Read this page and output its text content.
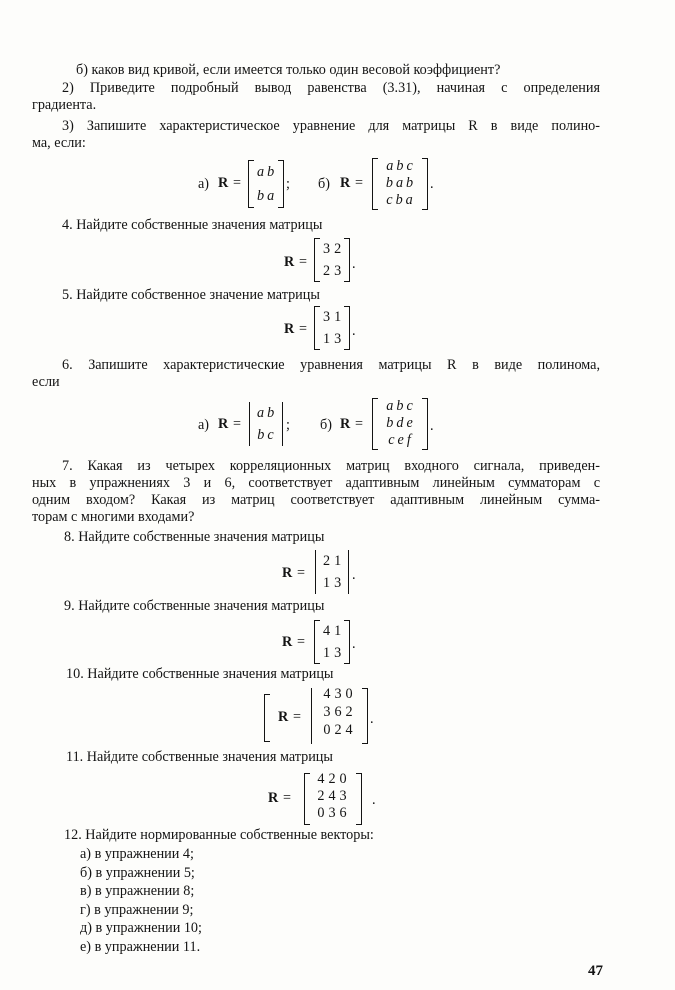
б) каков вид кривой, если имеется только один весовой коэффициент?
2) Приведите подробный вывод равенства (3.31), начиная с определения
градиента.
3) Запишите характеристическое уравнение для матрицы R в виде полино-
ма, если:
а) R =
a b
b a
; б) R =
a b c
b a b
c b a
.
4. Найдите собственные значения матрицы
R =
3 2
2 3 .
5. Найдите собственное значение матрицы
R =
3 1
1 3 .
6. Запишите характеристические уравнения матрицы R в виде полинома,
если
а) R =
a b
b c
; б) R =
a b c
b d e
c e f
.
7. Какая из четырех корреляционных матриц входного сигнала, приведен-
ных в упражнениях 3 и 6, соответствует адаптивным линейным сумматорам с
одним входом? Какая из матриц соответствует адаптивным линейным сумма-
торам с многими входами?
8. Найдите собственные значения матрицы
R =
2 1
1 3 .
9. Найдите собственные значения матрицы
R =
4 1
1 3
.
10. Найдите собственные значения матрицы
R =
4 3 0
3 6 2
0 2 4
.
11. Найдите собственные значения матрицы
R =
4 2 0
2 4 3
0 3 6
.
12. Найдите нормированные собственные векторы:
а) в упражнении 4;
б) в упражнении 5;
в) в упражнении 8;
г) в упражнении 9;
д) в упражнении 10;
е) в упражнении 11.
47
